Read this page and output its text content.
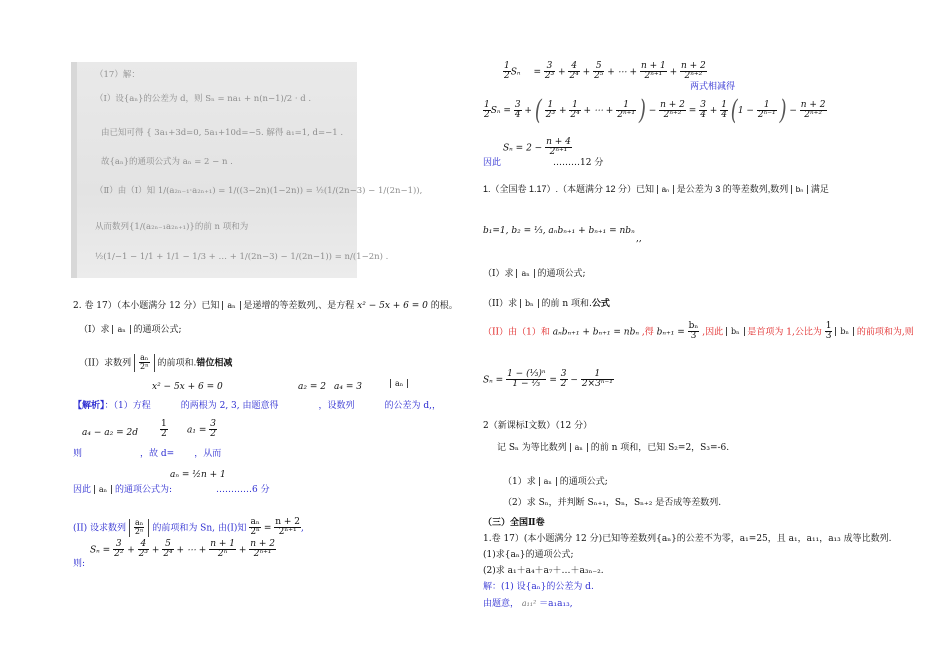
（17）解：
（Ⅰ）设{aₙ}的公差为 d，则 Sₙ = na₁ + n(n−1)/2 · d .
由已知可得 { 3a₁+3d=0, 5a₁+10d=−5. 解得 a₁=1, d=−1 .
故{aₙ}的通项公式为 aₙ = 2 − n .
（Ⅱ）由（Ⅰ）知 1/(a₂ₙ₋₁·a₂ₙ₊₁) = 1/((3−2n)(1−2n)) = ½(1/(2n−3) − 1/(2n−1)),
从而数列{1/(a₂ₙ₋₁a₂ₙ₊₁)}的前 n 项和为
½(1/−1 − 1/1 + 1/1 − 1/3 + … + 1/(2n−3) − 1/(2n−1)) = n/(1−2n) .
2. 卷 17）（本小题满分 12 分）已知 aₙ 是递增的等差数列,、是方程 x² − 5x + 6 = 0 的根。
（I）求 aₙ 的通项公式;
（II）求数列 $\frac{\text{aₙ}}{\text{2ⁿ}}$ 的前项和.错位相减
x² − 5x + 6 = 0	a₂ = 2 a₄ = 3	aₙ
【解析】：（1）方程	的两根为 2, 3, 由题意得	，设数列	的公差为 d,，
$a_4 - a_2 = 2d \frac{1}{2} a_1 = \frac{3}{2}$
则	，故 d= ，从而
因此 aₙ 的通项公式为:
aₙ = ½n + 1
…………6 分
(II) 设求数列 $\frac{\text{aₙ}}{\text{2ⁿ}}$ 的前项和为 Sn, 由(Ⅰ)知 $\frac{\text{aₙ}}{\text{2ⁿ}} = \frac{n + 2}{\text{2ⁿ⁺¹}}$ ,
$S_n = \frac{3}{\text{2²}} + \frac{4}{\text{2³}} + \frac{5}{\text{2⁴}}$ + ⋯ + $\frac{n + 1}{\text{2ⁿ}} + \frac{n + 2}{\text{2ⁿ⁺¹}}$
则:
$\frac{1}{2}$ $S_n = \frac{3}{\text{2³}} + \frac{4}{\text{2⁴}} + \frac{5}{\text{2⁵}}$ + ⋯ + $\frac{n + 1}{\text{2ⁿ⁺¹}} + \frac{n + 2}{\text{2ⁿ⁺²}}$
两式相减得
$\frac{1}{2}$ $S_n = \frac{3}{4}$ + ( $\frac{1}{\text{2³}} + \frac{1}{\text{2⁴}}$ + ⋯ + $\frac{1}{\text{2ⁿ⁺¹}}$ ) − $\frac{n + 2}{\text{2ⁿ⁺²}} = \frac{3}{4} + \frac{1}{4} (1 - \frac{1}{\text{2ⁿ⁻¹}}$ ) − $\frac{n + 2}{\text{2ⁿ⁺²}}$
$S_n = 2 - \frac{n + 4}{\text{2ⁿ⁺¹}}$
因此	………12 分
1.（全国卷 1.17）.（本题满分 12 分）已知 aₙ 是公差为 3 的等差数列,数列 bₙ 满足
b₁=1, b₂ = ⅓, aₙbₙ₊₁ + bₙ₊₁ = nbₙ
,,
（I）求 aₙ 的通项公式;
（II）求 bₙ 的前 n 项和.公式
（II）由（1）和 aₙbₙ₊₁ + bₙ₊₁ = nbₙ ,得 $b_{n+1} = \frac{\text{bₙ}}{3}$ ,因此 bₙ 是首项为 1,公比为 $\frac{1}{3}$ bₙ 的前项和为,则
$S_n = \frac{\text{1 − (⅓)ⁿ}}{\text{1 − ⅓}} = \frac{3}{2} - \frac{1}{\text{2×3ⁿ⁻¹}}$
2（新课标Ⅰ文数）（12 分）
记 Sₙ 为等比数列 aₙ 的前 n 项和，已知 S₂=2，S₃=-6.
（1）求 aₙ 的通项公式;
（2）求 Sₙ，并判断 Sₙ₊₁，Sₙ，Sₙ₊₂ 是否成等差数列.
（三）全国Ⅱ卷
1.卷 17）(本小题满分 12 分)已知等差数列{aₙ}的公差不为零，a₁=25，且 a₁，a₁₁，a₁₃ 成等比数列.
(1)求{aₙ}的通项公式;
(2)求 a₁＋a₄＋a₇＋…＋a₃ₙ₋₂.
解：(1) 设{aₙ}的公差为 d.
由题意， a₁₁² ＝a₁a₁₃,
